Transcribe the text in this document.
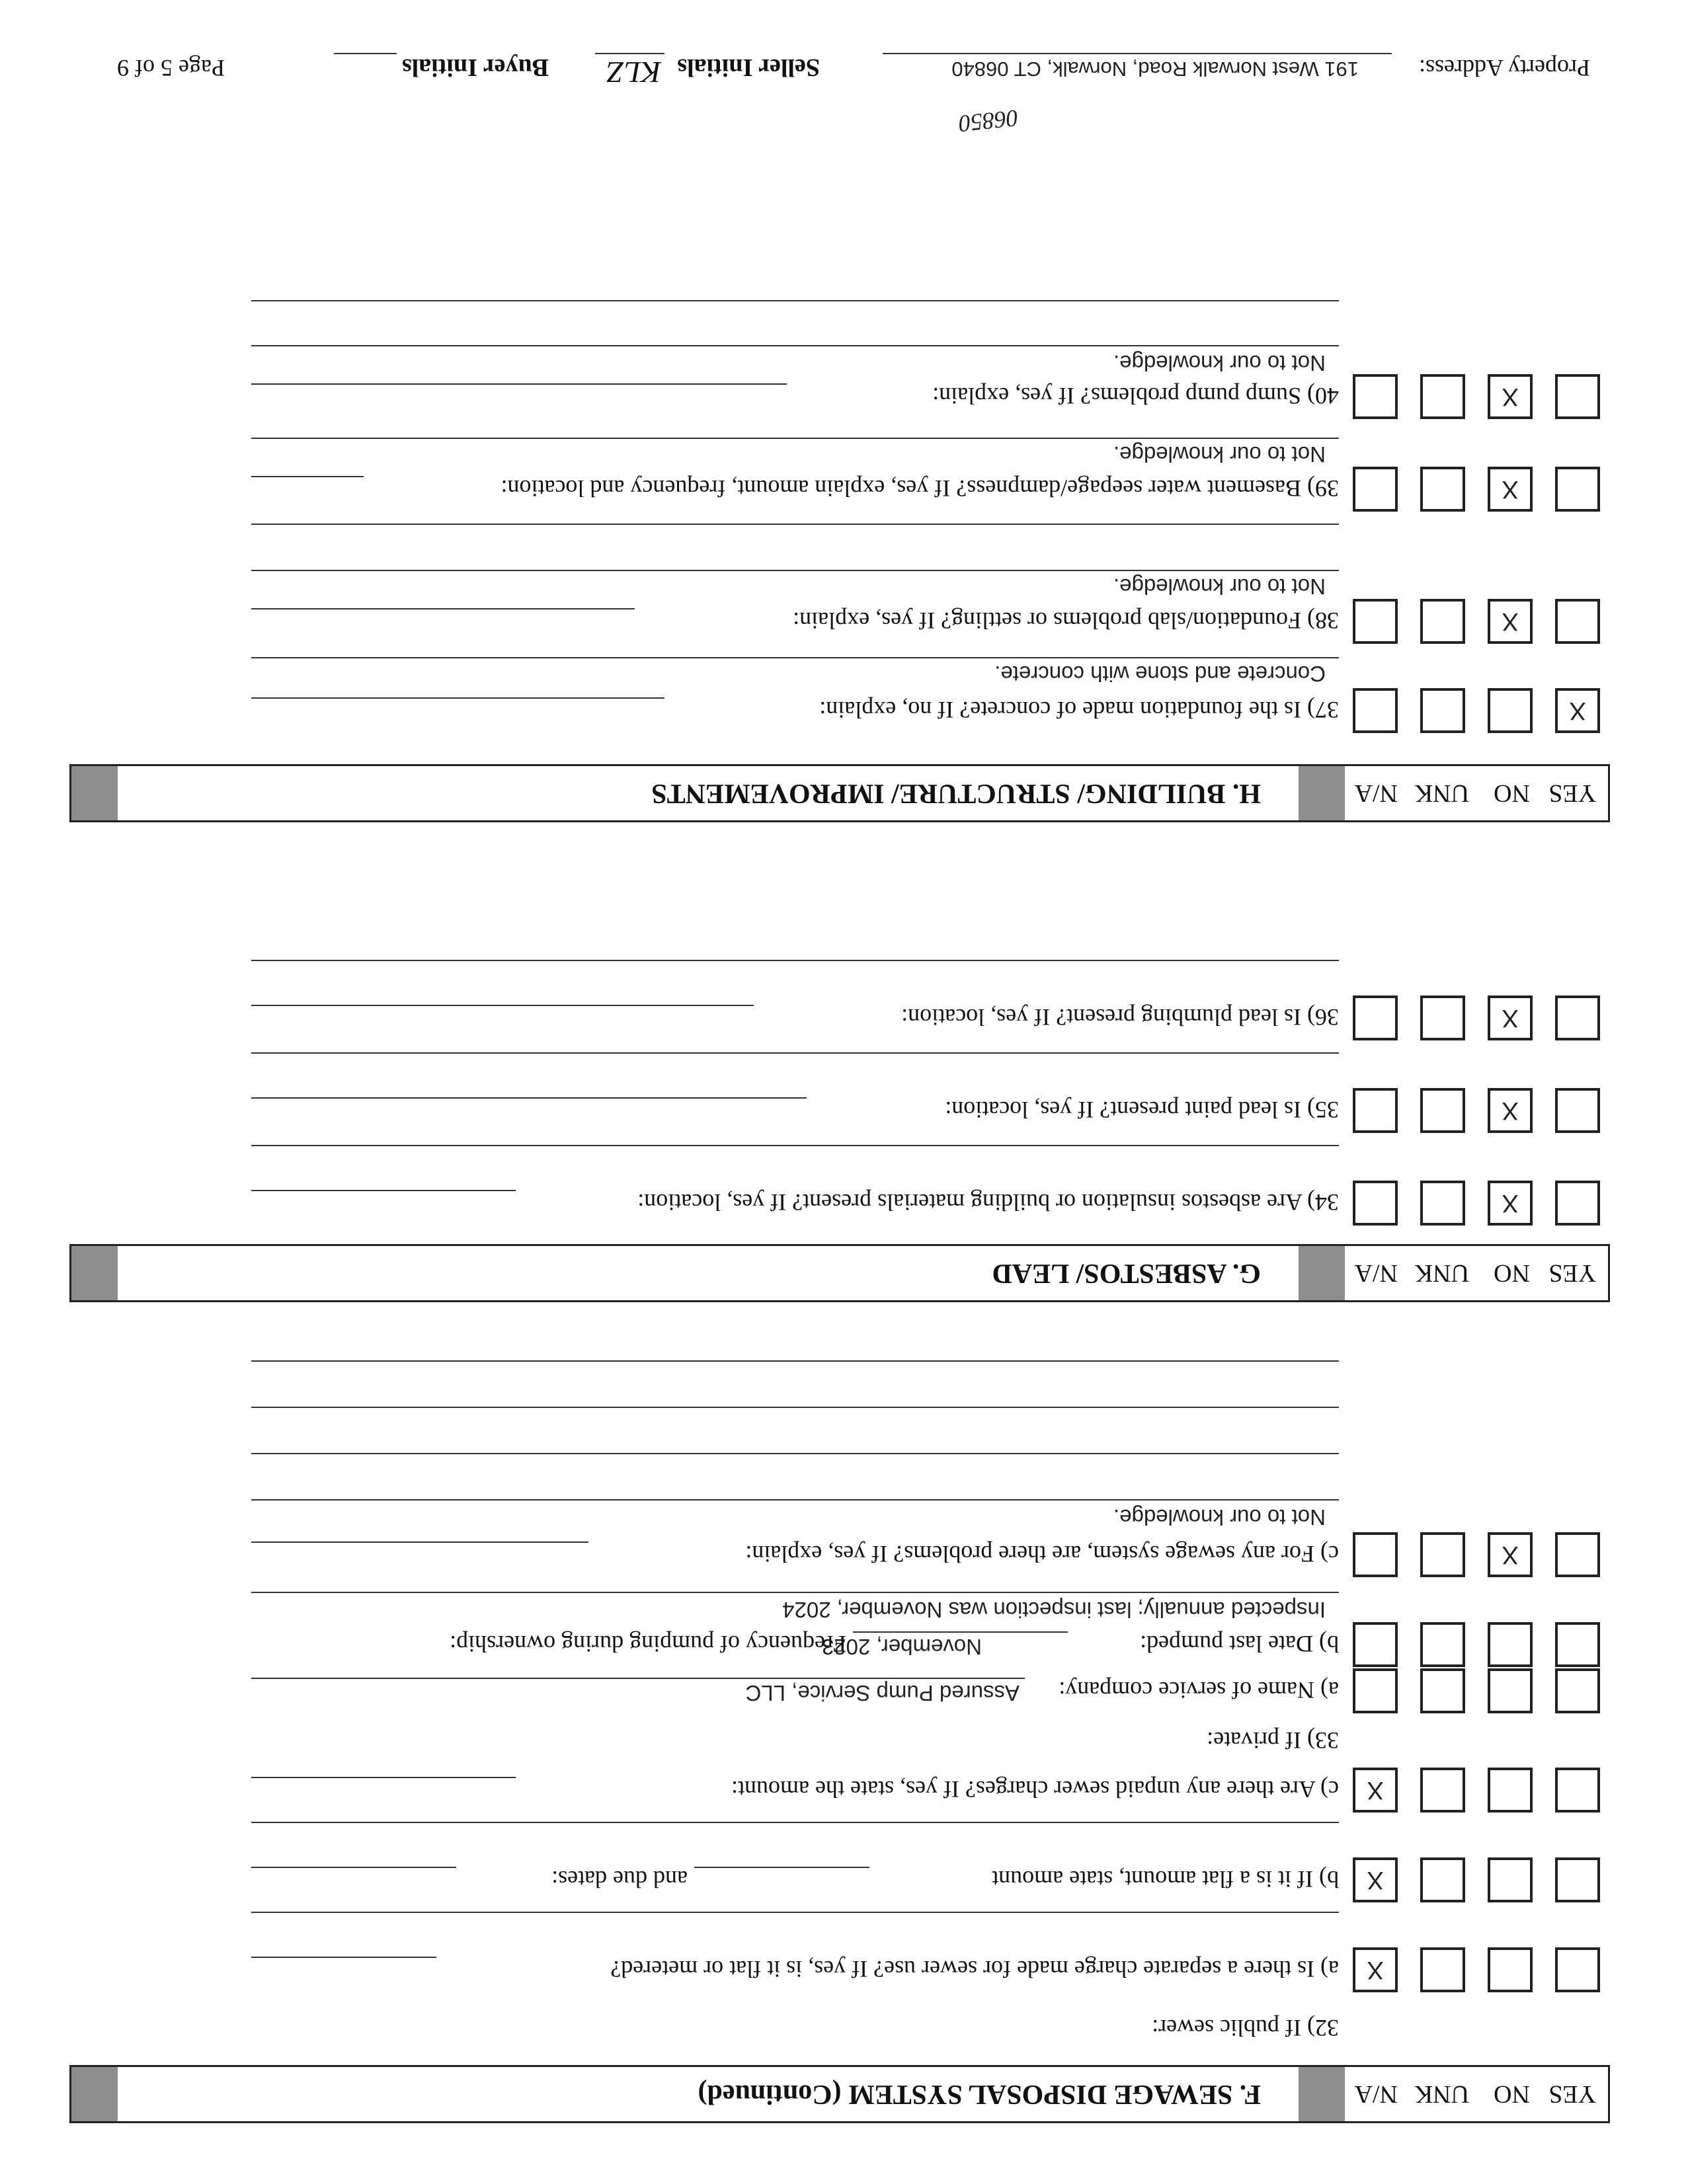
YES
NO
UNK
N/A
F. SEWAGE DISPOSAL SYSTEM (Continued)
32) If public sewer:
X
a) Is there a separate charge made for sewer use? If yes, is it flat or metered?
X
b) If it is a flat amount, state amount
and due dates:
X
c) Are there any unpaid sewer charges? If yes, state the amount:
33) If private:
a) Name of service company:
Assured Pump Service, LLC
b) Date last pumped:
November, 2023
Frequency of pumping during ownership:
Inspected annually; last inspection was November, 2024
X
c) For any sewage system, are there problems? If yes, explain:
Not to our knowledge.
YES
NO
UNK
N/A
G. ASBESTOS/ LEAD
X
34) Are asbestos insulation or building materials present? If yes, location:
X
35) Is lead paint present? If yes, location:
X
36) Is lead plumbing present? If yes, location:
YES
NO
UNK
N/A
H. BUILDING/ STRUCTURE/ IMPROVEMENTS
X
37) Is the foundation made of concrete? If no, explain:
Concrete and stone with concrete.
X
38) Foundation/slab problems or settling? If yes, explain:
Not to our knowledge.
X
39) Basement water seepage/dampness? If yes, explain amount, frequency and location:
Not to our knowledge.
X
40) Sump pump problems? If yes, explain:
Not to our knowledge.
Property Address:
191 West Norwalk Road, Norwalk, CT 06840
06850
Seller Initials
KLZ
Buyer Initials
Page 5 of 9
